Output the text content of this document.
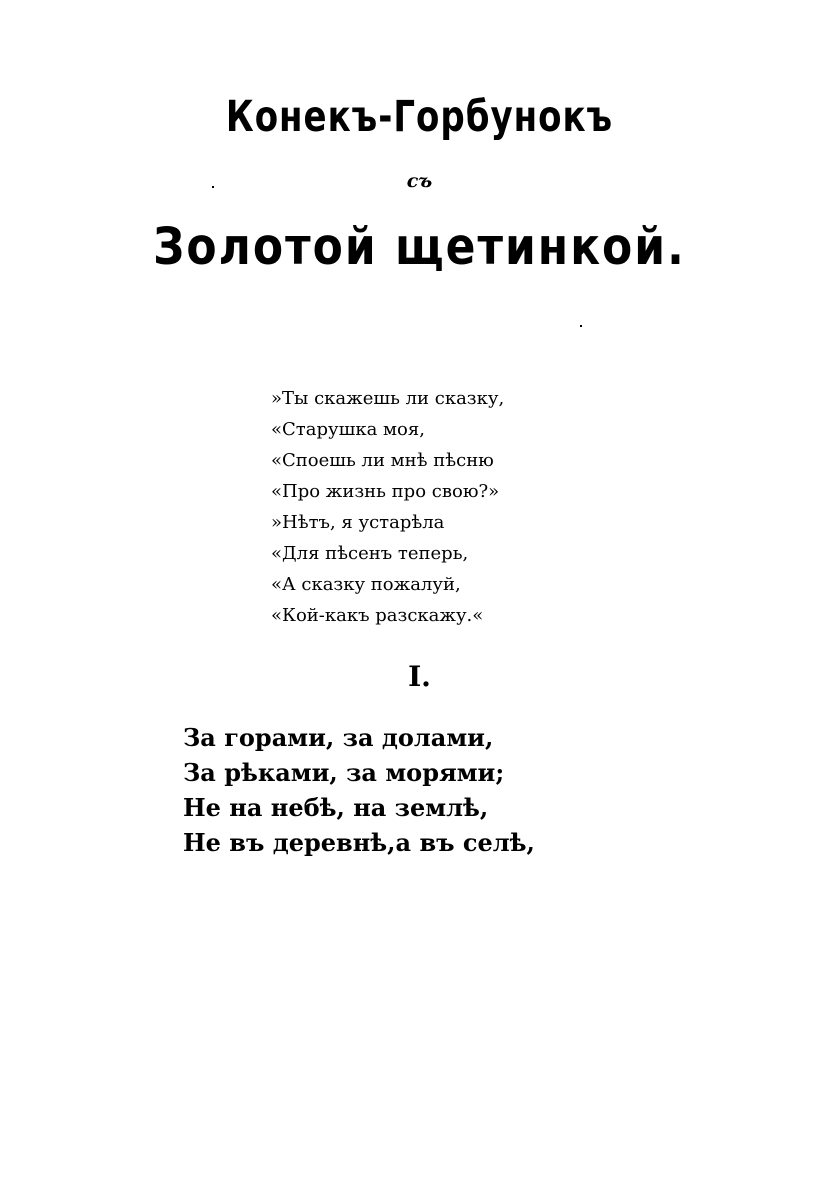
Конекъ-Горбунокъ
съ
Золотой щетинкой.
»Ты скажешь ли сказку,
«Старушка моя,
«Споешь ли мнѣ пѣсню
«Про жизнь про свою?»
»Нѣтъ, я устарѣла
«Для пѣсенъ теперь,
«А сказку пожалуй,
«Кой-какъ разскажу.«
I.
За горами, за долами,
За рѣками, за морями;
Не на небѣ, на землѣ,
Не въ деревнѣ,а въ селѣ,
